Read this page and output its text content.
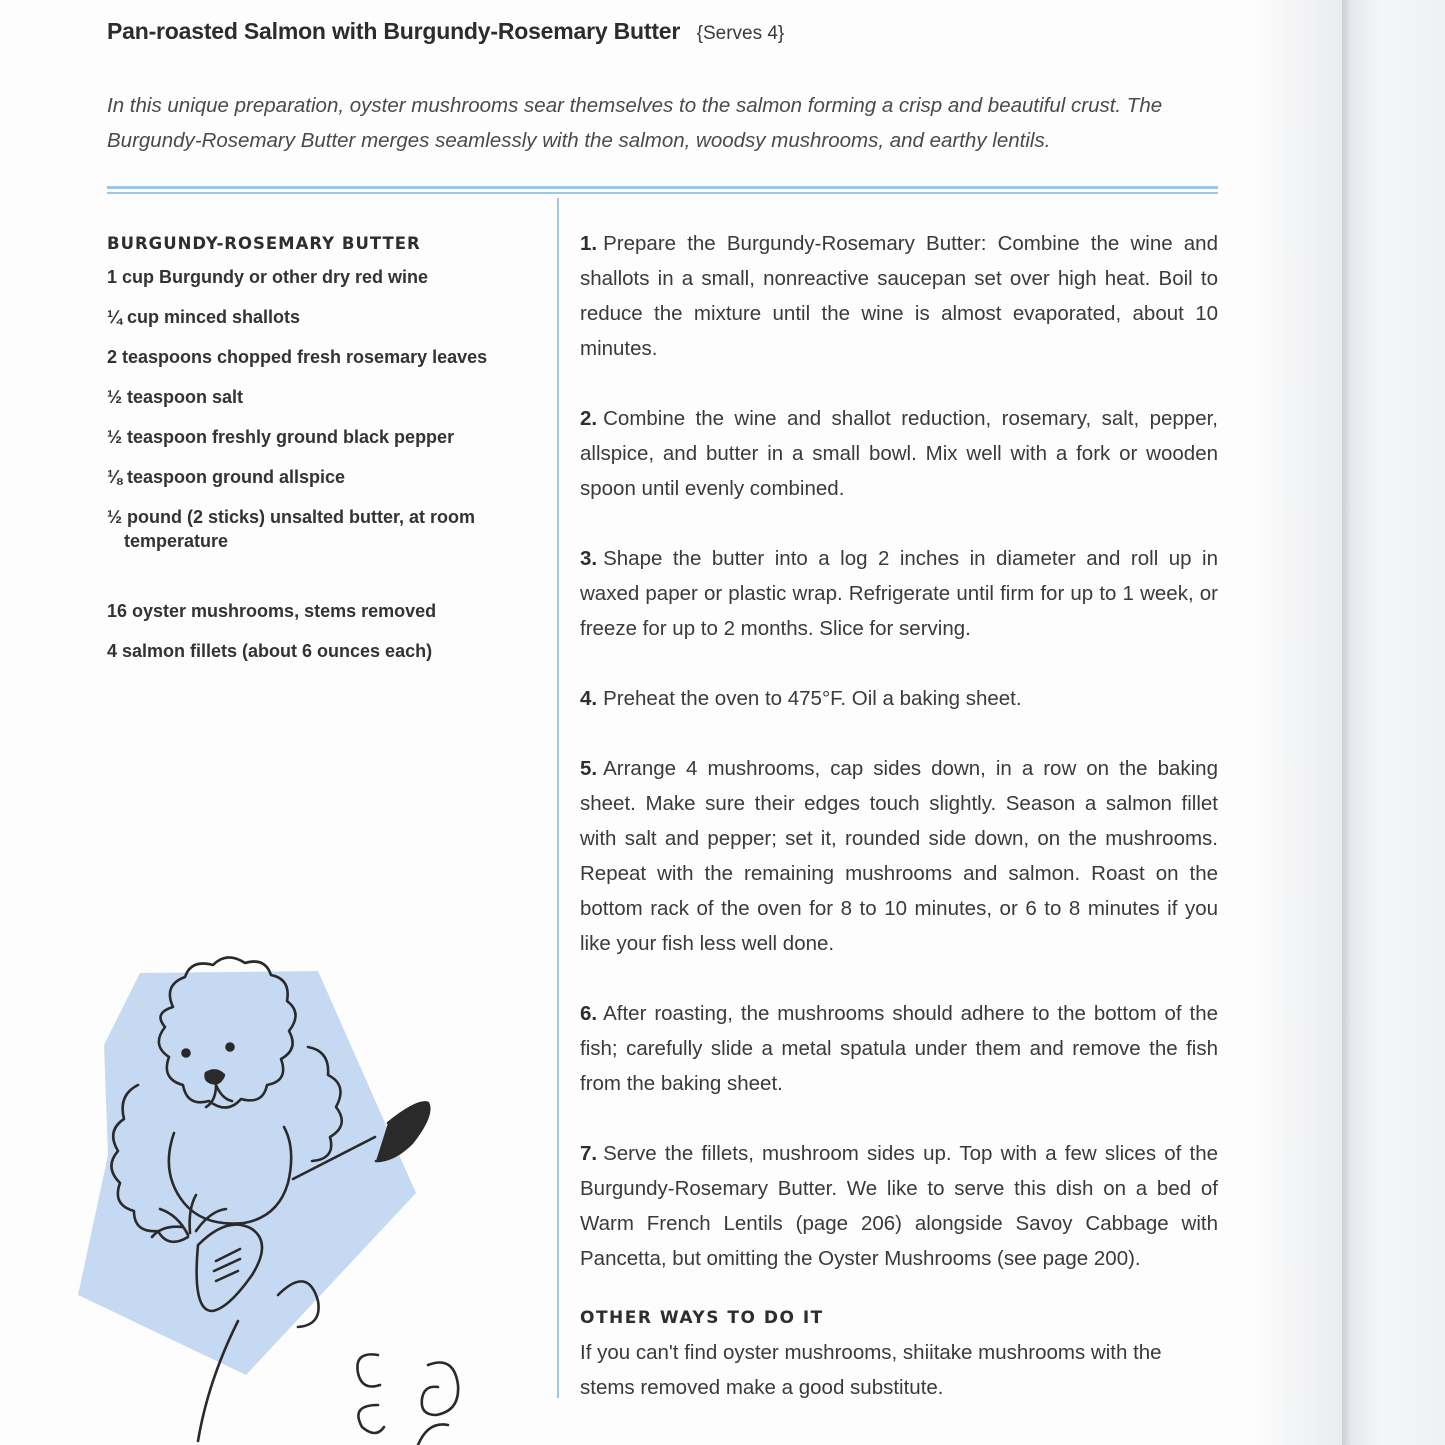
Pan-roasted Salmon with Burgundy-Rosemary Butter {Serves 4}

In this unique preparation, oyster mushrooms sear themselves to the salmon forming a crisp and beautiful crust. The Burgundy-Rosemary Butter merges seamlessly with the salmon, woodsy mushrooms, and earthy lentils.

BURGUNDY-ROSEMARY BUTTER
1 cup Burgundy or other dry red wine
¼ cup minced shallots
2 teaspoons chopped fresh rosemary leaves
½ teaspoon salt
½ teaspoon freshly ground black pepper
⅛ teaspoon ground allspice
½ pound (2 sticks) unsalted butter, at room temperature
16 oyster mushrooms, stems removed
4 salmon fillets (about 6 ounces each)

1. Prepare the Burgundy-Rosemary Butter: Combine the wine and shallots in a small, nonreactive saucepan set over high heat. Boil to reduce the mixture until the wine is almost evaporated, about 10 minutes.

2. Combine the wine and shallot reduction, rosemary, salt, pepper, allspice, and butter in a small bowl. Mix well with a fork or wooden spoon until evenly combined.

3. Shape the butter into a log 2 inches in diameter and roll up in waxed paper or plastic wrap. Refrigerate until firm for up to 1 week, or freeze for up to 2 months. Slice for serving.

4. Preheat the oven to 475°F. Oil a baking sheet.

5. Arrange 4 mushrooms, cap sides down, in a row on the baking sheet. Make sure their edges touch slightly. Season a salmon fillet with salt and pepper; set it, rounded side down, on the mushrooms. Repeat with the remaining mushrooms and salmon. Roast on the bottom rack of the oven for 8 to 10 minutes, or 6 to 8 minutes if you like your fish less well done.

6. After roasting, the mushrooms should adhere to the bottom of the fish; carefully slide a metal spatula under them and remove the fish from the baking sheet.

7. Serve the fillets, mushroom sides up. Top with a few slices of the Burgundy-Rosemary Butter. We like to serve this dish on a bed of Warm French Lentils (page 206) alongside Savoy Cabbage with Pancetta, but omitting the Oyster Mushrooms (see page 200).

OTHER WAYS TO DO IT

If you can't find oyster mushrooms, shiitake mushrooms with the stems removed make a good substitute.
